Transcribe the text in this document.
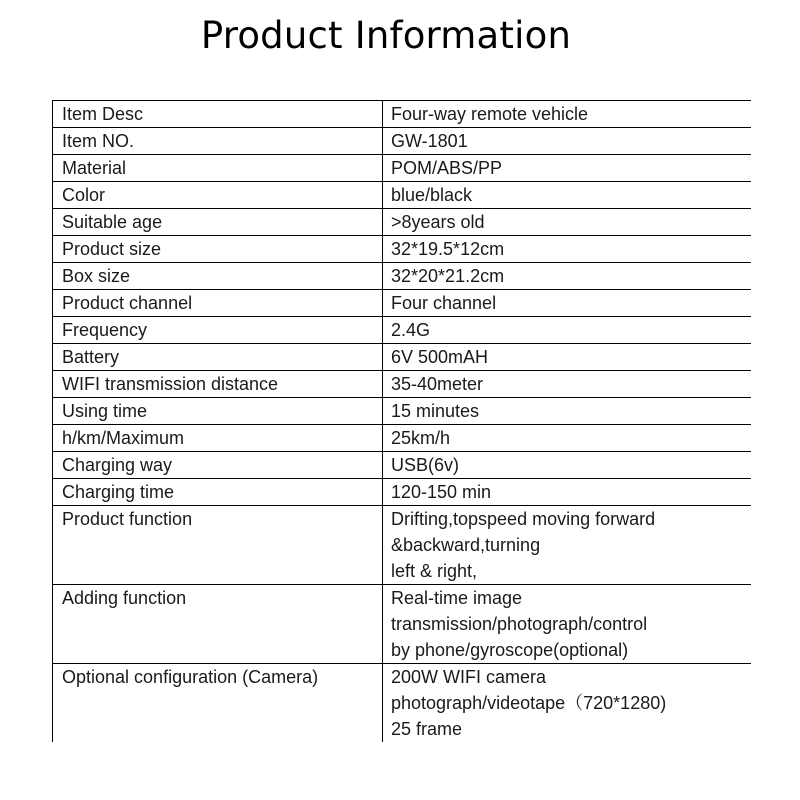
Product Information
Item Desc	Four-way remote vehicle
Item NO.	GW-1801
Material	POM/ABS/PP
Color	blue/black
Suitable age	>8years old
Product size	32*19.5*12cm
Box size	32*20*21.2cm
Product channel	Four channel
Frequency	2.4G
Battery	6V 500mAH
WIFI transmission distance	35-40meter
Using time	15 minutes
h/km/Maximum	25km/h
Charging way	USB(6v)
Charging time	120-150 min
Product function	Drifting,topspeed moving forward
&backward,turning
left & right,
Adding function	Real-time image
transmission/photograph/control
by phone/gyroscope(optional)
Optional configuration (Camera)	200W WIFI camera
photograph/videotape（720*1280)
25 frame
